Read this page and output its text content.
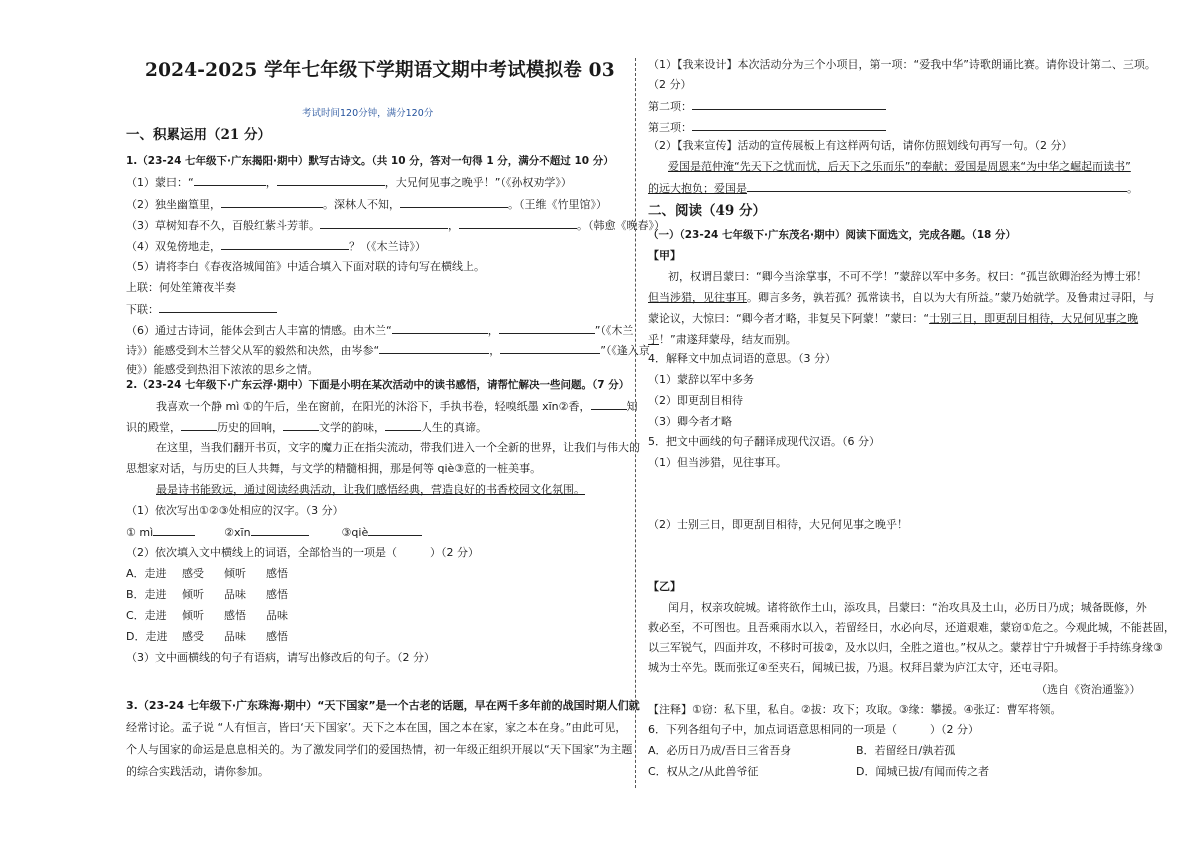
2024-2025 学年七年级下学期语文期中考试模拟卷 03
考试时间120分钟，满分120分
一、积累运用（21 分）
1.（23-24 七年级下·广东揭阳·期中）默写古诗文。（共 10 分，答对一句得 1 分，满分不超过 10 分）
（1）蒙曰：“	，	，大兄何见事之晚乎！”（《孙权劝学》）
（2）独坐幽篁里，	。深林人不知，	。（王维《竹里馆》）
（3）草树知春不久，百般红紫斗芳菲。	，	。（韩愈《晚春》）
（4）双兔傍地走，	？（《木兰诗》）
（5）请将李白《春夜洛城闻笛》中适合填入下面对联的诗句写在横线上。
上联：何处笙箫夜半奏
下联：
（6）通过古诗词，能体会到古人丰富的情感。由木兰“	，	”（《木兰
诗》）能感受到木兰替父从军的毅然和决然，由岑参“	，	”（《逢入京
使》）能感受到热泪下浓浓的思乡之情。
2.（23-24 七年级下·广东云浮·期中）下面是小明在某次活动中的读书感悟，请帮忙解决一些问题。（7 分）
我喜欢一个静 mì ①的午后，坐在窗前，在阳光的沐浴下，手执书卷，轻嗅纸墨 xīn②香，	知
识的殿堂，	历史的回响，	文学的韵味，	人生的真谛。
在这里，当我们翻开书页，文字的魔力正在指尖流动，带我们进入一个全新的世界，让我们与伟大的
思想家对话，与历史的巨人共舞，与文学的精髓相拥，那是何等 qiè③意的一桩美事。
最是诗书能致远，通过阅读经典活动，让我们感悟经典，营造良好的书香校园文化氛围。
（1）依次写出①②③处相应的汉字。（3 分）
① mì	②xīn	③qiè
（2）依次填入文中横线上的词语，全部恰当的一项是（　　　）（2 分）
A．走进 感受 倾听 感悟
B．走进 倾听 品味 感悟
C．走进 倾听 感悟 品味
D．走进 感受 品味 感悟
（3）文中画横线的句子有语病，请写出修改后的句子。（2 分）
3.（23-24 七年级下·广东珠海·期中）“天下国家”是一个古老的话题，早在两千多年前的战国时期人们就
经常讨论。孟子说 “人有恒言，皆曰‘天下国家’。天下之本在国，国之本在家，家之本在身。”由此可见，
个人与国家的命运是息息相关的。为了激发同学们的爱国热情，初一年级正组织开展以“天下国家”为主题
的综合实践活动，请你参加。
（1）【我来设计】本次活动分为三个小项目，第一项：“爱我中华”诗歌朗诵比赛。请你设计第二、三项。
（2 分）
第二项：
第三项：
（2）【我来宣传】活动的宣传展板上有这样两句话，请你仿照划线句再写一句。（2 分）
爱国是范仲淹“先天下之忧而忧，后天下之乐而乐”的奉献；爱国是周恩来“为中华之崛起而读书”
的远大抱负；爱国是	。
二、阅读（49 分）
（一）（23-24 七年级下·广东茂名·期中）阅读下面选文，完成各题。（18 分）
【甲】
初，权谓吕蒙曰：“卿今当涂掌事，不可不学！”蒙辞以军中多务。权曰：“孤岂欲卿治经为博士邪！
但当涉猎，见往事耳。卿言多务，孰若孤？孤常读书，自以为大有所益。”蒙乃始就学。及鲁肃过寻阳，与
蒙论议，大惊曰：“卿今者才略，非复吴下阿蒙！”蒙曰：“士别三日，即更刮目相待，大兄何见事之晚
乎！”肃遂拜蒙母，结友而别。
4．解释文中加点词语的意思。（3 分）
（1）蒙辞以军中多务
（2）即更刮目相待
（3）卿今者才略
5．把文中画线的句子翻译成现代汉语。（6 分）
（1）但当涉猎，见往事耳。
（2）士别三日，即更刮目相待，大兄何见事之晚乎！
【乙】
闰月，权亲攻皖城。诸将欲作土山，添攻具，吕蒙曰：“治攻具及土山，必历日乃成；城备既修，外
救必至，不可图也。且吾乘雨水以入，若留经日，水必向尽，还道艰难，蒙窃①危之。今观此城，不能甚固，
以三军锐气，四面并攻，不移时可拔②，及水以归，全胜之道也。”权从之。蒙荐甘宁升城督于手持练身缘③
城为士卒先。既而张辽④至夹石，闻城已拔，乃退。权拜吕蒙为庐江太守，还屯寻阳。
（选自《资治通鉴》）
【注释】①窃：私下里，私自。②拔：攻下；攻取。③缘：攀援。④张辽：曹军将领。
6．下列各组句子中，加点词语意思相同的一项是（　　　）（2 分）
A．必历日乃成/吾日三省吾身	B．若留经日/孰若孤
C．权从之/从此兽爷征	D．闻城已拔/有闻而传之者
